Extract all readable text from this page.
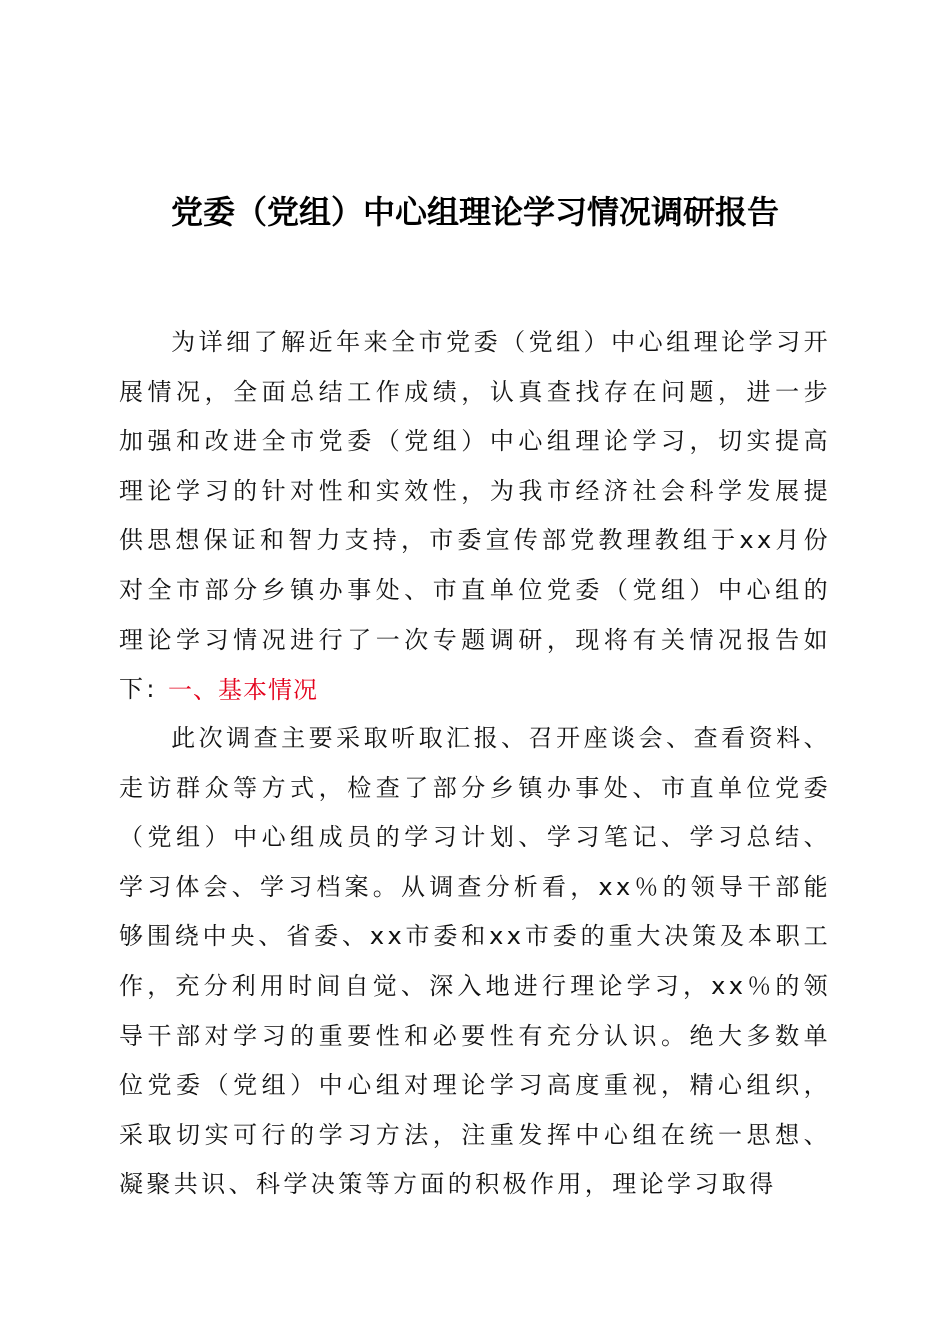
党委（党组）中心组理论学习情况调研报告

为详细了解近年来全市党委（党组）中心组理论学习开展情况，全面总结工作成绩，认真查找存在问题，进一步加强和改进全市党委（党组）中心组理论学习，切实提高理论学习的针对性和实效性，为我市经济社会科学发展提供思想保证和智力支持，市委宣传部党教理教组于xx月份对全市部分乡镇办事处、市直单位党委（党组）中心组的理论学习情况进行了一次专题调研，现将有关情况报告如下: 一、基本情况

此次调查主要采取听取汇报、召开座谈会、查看资料、走访群众等方式，检查了部分乡镇办事处、市直单位党委（党组）中心组成员的学习计划、学习笔记、学习总结、学习体会、学习档案。从调查分析看，xx％的领导干部能够围绕中央、省委、xx市委和xx市委的重大决策及本职工作，充分利用时间自觉、深入地进行理论学习，xx％的领导干部对学习的重要性和必要性有充分认识。绝大多数单位党委（党组）中心组对理论学习高度重视，精心组织，采取切实可行的学习方法，注重发挥中心组在统一思想、凝聚共识、科学决策等方面的积极作用，理论学习取得
